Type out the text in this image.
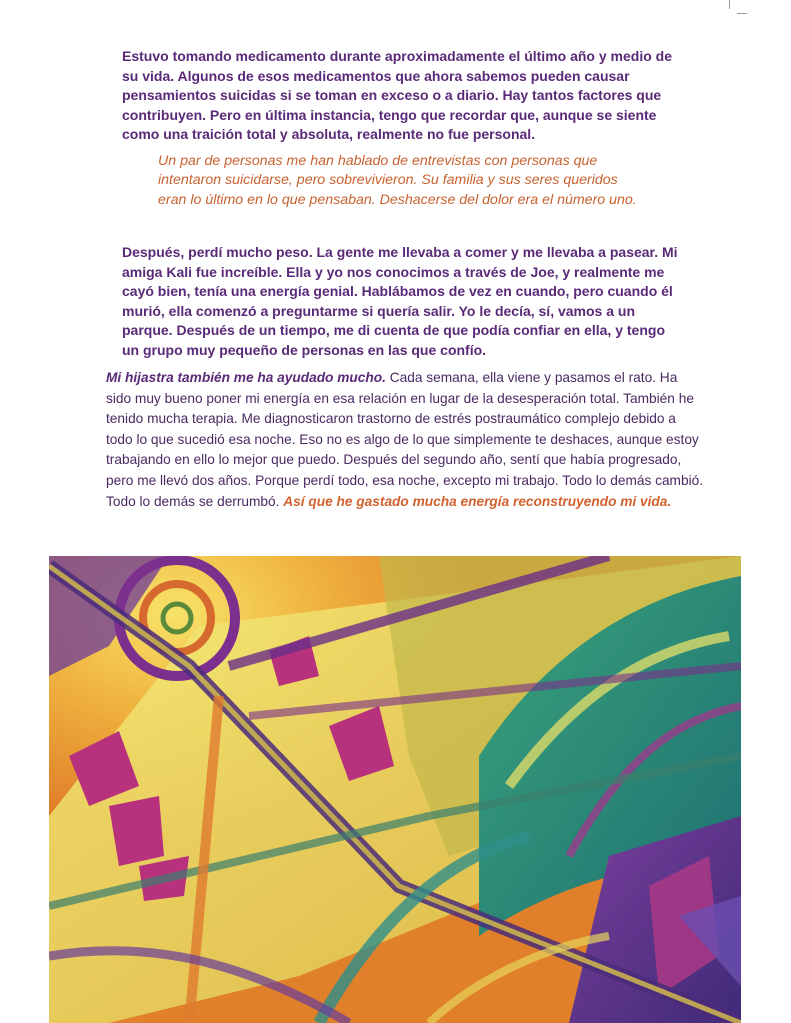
Estuvo tomando medicamento durante aproximadamente el último año y medio de su vida. Algunos de esos medicamentos que ahora sabemos pueden causar pensamientos suicidas si se toman en exceso o a diario. Hay tantos factores que contribuyen. Pero en última instancia, tengo que recordar que, aunque se siente como una traición total y absoluta, realmente no fue personal.

Un par de personas me han hablado de entrevistas con personas que intentaron suicidarse, pero sobrevivieron. Su familia y sus seres queridos eran lo último en lo que pensaban. Deshacerse del dolor era el número uno.

Después, perdí mucho peso. La gente me llevaba a comer y me llevaba a pasear. Mi amiga Kali fue increíble. Ella y yo nos conocimos a través de Joe, y realmente me cayó bien, tenía una energía genial. Hablábamos de vez en cuando, pero cuando él murió, ella comenzó a preguntarme si quería salir. Yo le decía, sí, vamos a un parque. Después de un tiempo, me di cuenta de que podía confiar en ella, y tengo un grupo muy pequeño de personas en las que confío.

Mi hijastra también me ha ayudado mucho. Cada semana, ella viene y pasamos el rato. Ha sido muy bueno poner mi energía en esa relación en lugar de la desesperación total. También he tenido mucha terapia. Me diagnosticaron trastorno de estrés postraumático complejo debido a todo lo que sucedió esa noche. Eso no es algo de lo que simplemente te deshaces, aunque estoy trabajando en ello lo mejor que puedo. Después del segundo año, sentí que había progresado, pero me llevó dos años. Porque perdí todo, esa noche, excepto mi trabajo. Todo lo demás cambió. Todo lo demás se derrumbó. Así que he gastado mucha energía reconstruyendo mi vida.
